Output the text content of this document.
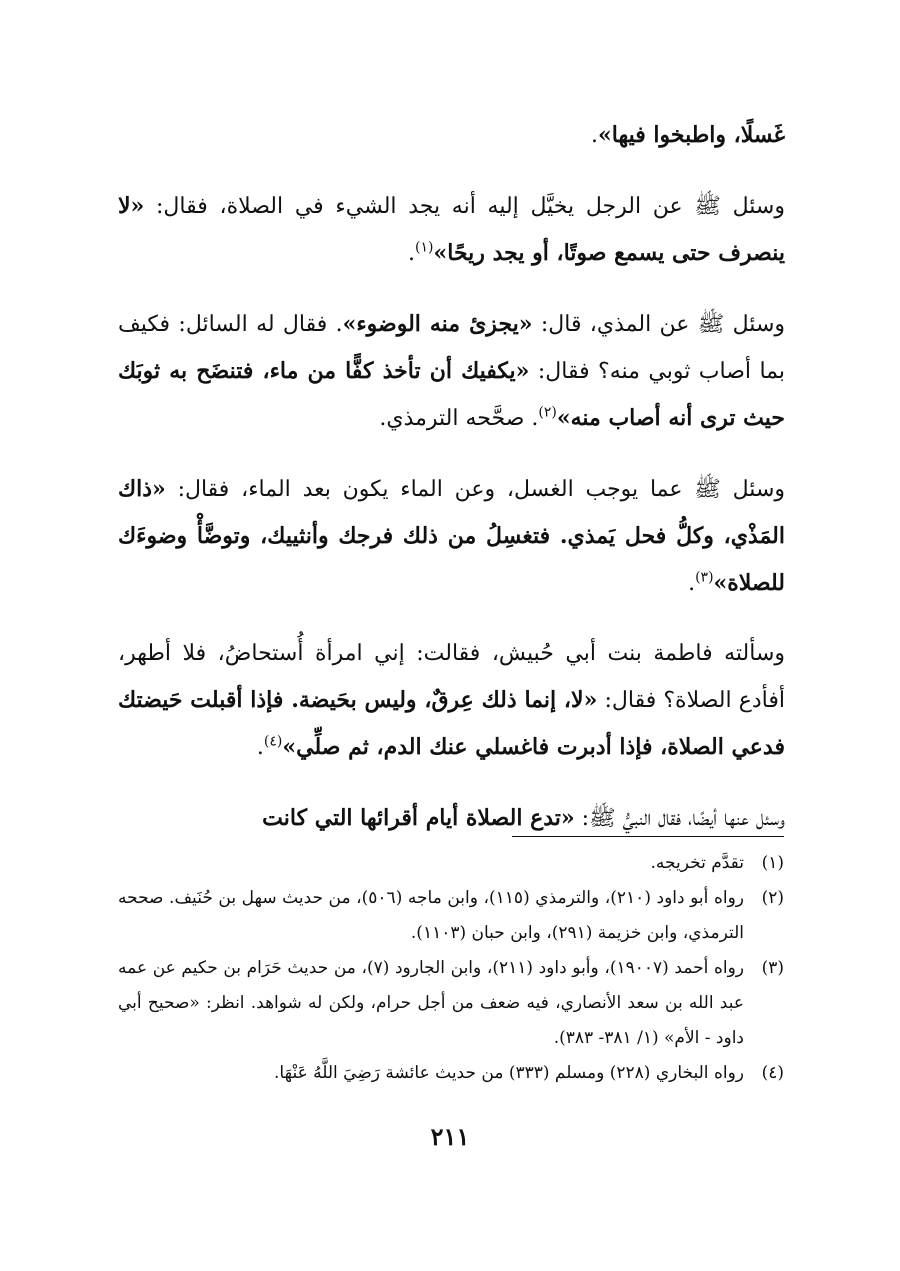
غَسلًا، واطبخوا فيها».

وسئل ﷺ عن الرجل يخيَّل إليه أنه يجد الشيء في الصلاة، فقال: «لا ينصرف حتى يسمع صوتًا، أو يجد ريحًا»$^{(١)}$.

وسئل ﷺ عن المذي، قال: «يجزئ منه الوضوء». فقال له السائل: فكيف بما أصاب ثوبي منه؟ فقال: «يكفيك أن تأخذ كفًّا من ماء، فتنضَح به ثوبَك حيث ترى أنه أصاب منه»$^{(٢)}$. صحَّحه الترمذي.

وسئل ﷺ عما يوجب الغسل، وعن الماء يكون بعد الماء، فقال: «ذاك المَذْي، وكلُّ فحل يَمذي. فتغسِلُ من ذلك فرجك وأنثييك، وتوضَّأْ وضوءَك للصلاة»$^{(٣)}$.

وسألته فاطمة بنت أبي حُبيش، فقالت: إني امرأة أُستحاضُ، فلا أطهر، أفأدع الصلاة؟ فقال: «لا، إنما ذلك عِرقٌ، وليس بحَيضة. فإذا أقبلت حَيضتك فدعي الصلاة، فإذا أدبرت فاغسلي عنك الدم، ثم صلِّي»$^{(٤)}$.

وسئل عنها أيضًا، فقال النبيُّ ﷺ: «تدع الصلاة أيام أقرائها التي كانت

(١)
تقدَّم تخريجه.
(٢)
رواه أبو داود (٢١٠)، والترمذي (١١٥)، وابن ماجه (٥٠٦)، من حديث سهل بن حُنَيف. صححه الترمذي، وابن خزيمة (٢٩١)، وابن حبان (١١٠٣).
(٣)
رواه أحمد (١٩٠٠٧)، وأبو داود (٢١١)، وابن الجارود (٧)، من حديث حَرَام بن حكيم عن عمه عبد الله بن سعد الأنصاري، فيه ضعف من أجل حرام، ولكن له شواهد. انظر: «صحيح أبي داود - الأم» (١/ ٣٨١- ٣٨٣).
(٤)
رواه البخاري (٢٢٨) ومسلم (٣٣٣) من حديث عائشة رَضِيَ اللَّهُ عَنْهَا.
٢١١
